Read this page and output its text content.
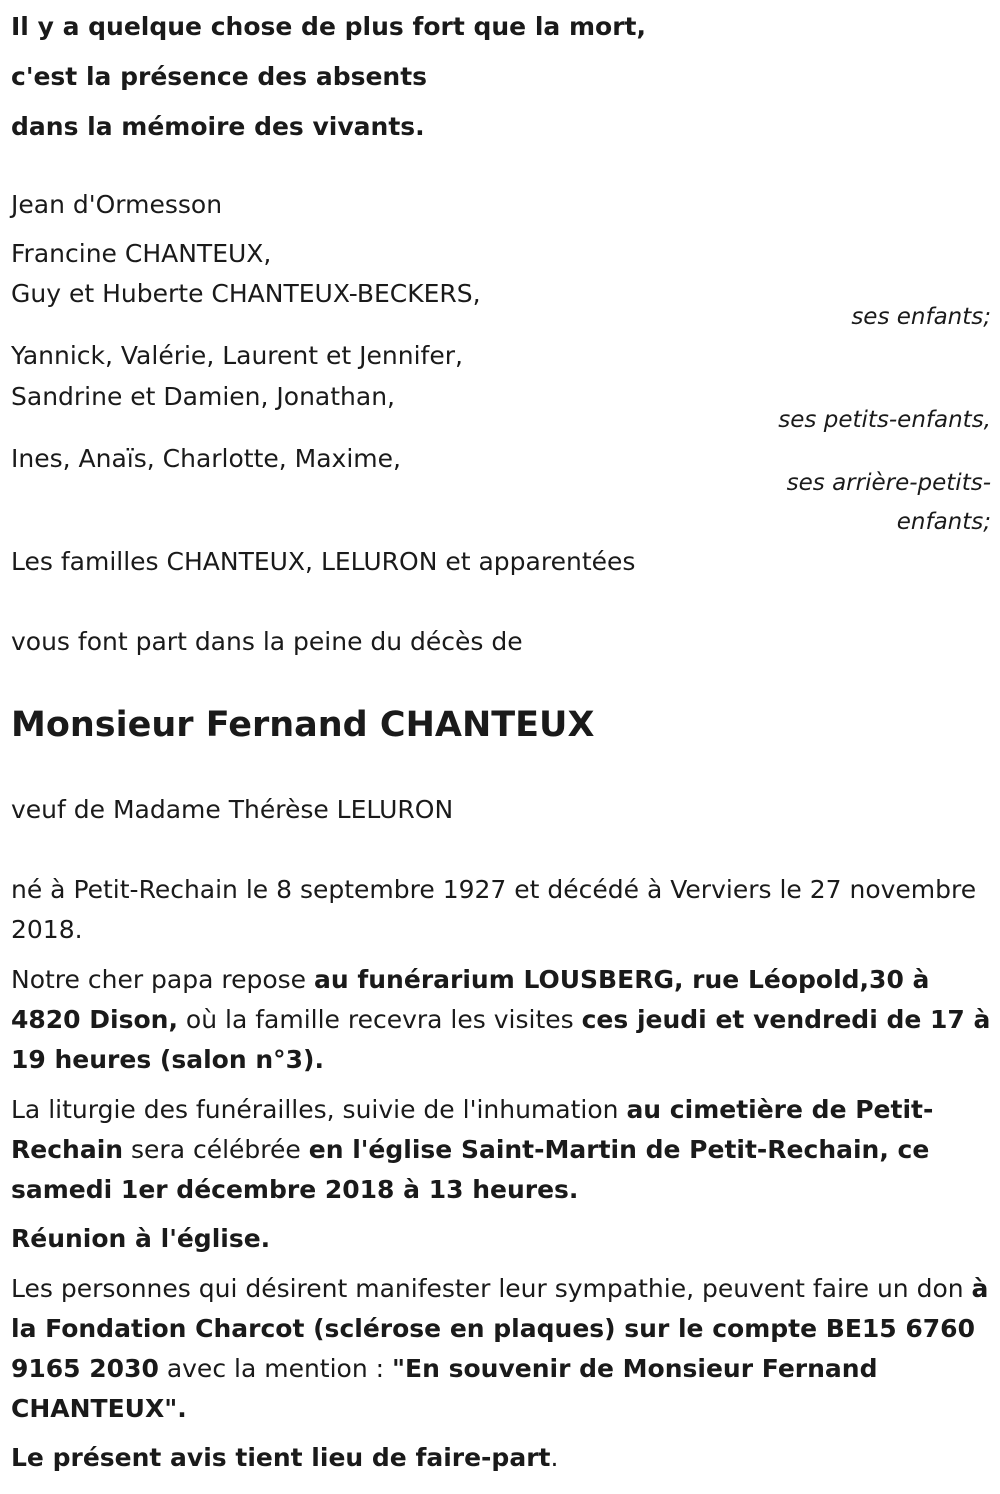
Il y a quelque chose de plus fort que la mort,
c'est la présence des absents
dans la mémoire des vivants.
Jean d'Ormesson
Francine CHANTEUX,
Guy et Huberte CHANTEUX-BECKERS,
ses enfants;
Yannick, Valérie, Laurent et Jennifer,
Sandrine et Damien, Jonathan,
ses petits-enfants,
Ines, Anaïs, Charlotte, Maxime,
ses arrière-petits-
enfants;
Les familles CHANTEUX, LELURON et apparentées
vous font part dans la peine du décès de
Monsieur Fernand CHANTEUX
veuf de Madame Thérèse LELURON
né à Petit-Rechain le 8 septembre 1927 et décédé à Verviers le 27 novembre 2018.
Notre cher papa repose au funérarium LOUSBERG, rue Léopold,30 à 4820 Dison, où la famille recevra les visites ces jeudi et vendredi de 17 à 19 heures (salon n°3).
La liturgie des funérailles, suivie de l'inhumation au cimetière de Petit-Rechain sera célébrée en l'église Saint-Martin de Petit-Rechain, ce samedi 1er décembre 2018 à 13 heures.
Réunion à l'église.
Les personnes qui désirent manifester leur sympathie, peuvent faire un don à la Fondation Charcot (sclérose en plaques) sur le compte BE15 6760 9165 2030 avec la mention : "En souvenir de Monsieur Fernand CHANTEUX".
Le présent avis tient lieu de faire-part.
